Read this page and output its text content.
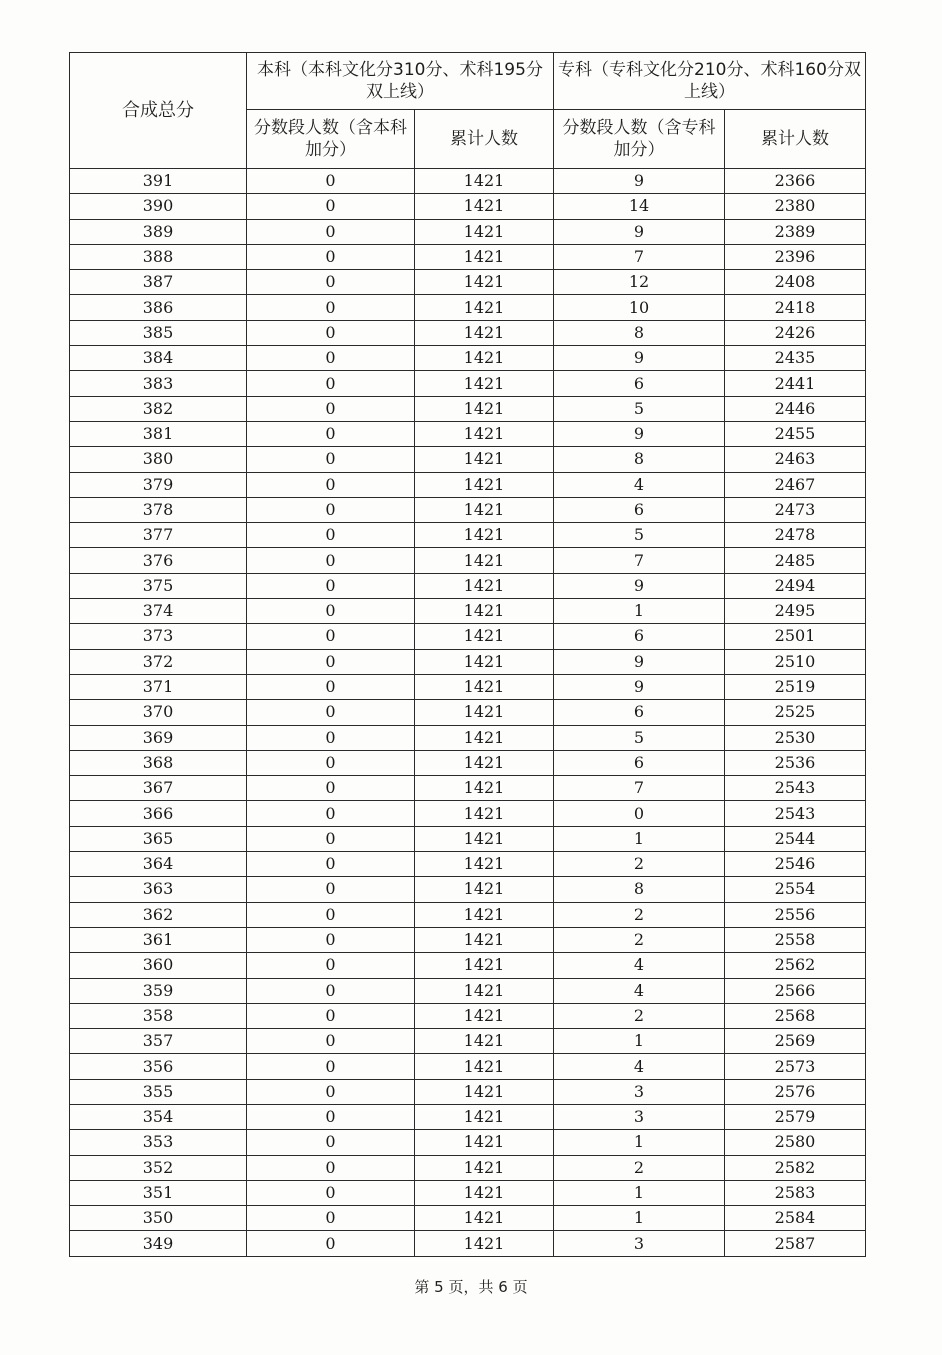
合成总分	本科（本科文化分310分、术科195分双上线）		专科（专科文化分210分、术科160分双上线）	
	分数段人数（含本科加分）	累计人数	分数段人数（含专科加分）	累计人数
391	0	1421	9	2366
390	0	1421	14	2380
389	0	1421	9	2389
388	0	1421	7	2396
387	0	1421	12	2408
386	0	1421	10	2418
385	0	1421	8	2426
384	0	1421	9	2435
383	0	1421	6	2441
382	0	1421	5	2446
381	0	1421	9	2455
380	0	1421	8	2463
379	0	1421	4	2467
378	0	1421	6	2473
377	0	1421	5	2478
376	0	1421	7	2485
375	0	1421	9	2494
374	0	1421	1	2495
373	0	1421	6	2501
372	0	1421	9	2510
371	0	1421	9	2519
370	0	1421	6	2525
369	0	1421	5	2530
368	0	1421	6	2536
367	0	1421	7	2543
366	0	1421	0	2543
365	0	1421	1	2544
364	0	1421	2	2546
363	0	1421	8	2554
362	0	1421	2	2556
361	0	1421	2	2558
360	0	1421	4	2562
359	0	1421	4	2566
358	0	1421	2	2568
357	0	1421	1	2569
356	0	1421	4	2573
355	0	1421	3	2576
354	0	1421	3	2579
353	0	1421	1	2580
352	0	1421	2	2582
351	0	1421	1	2583
350	0	1421	1	2584
349	0	1421	3	2587
第 5 页，共 6 页
